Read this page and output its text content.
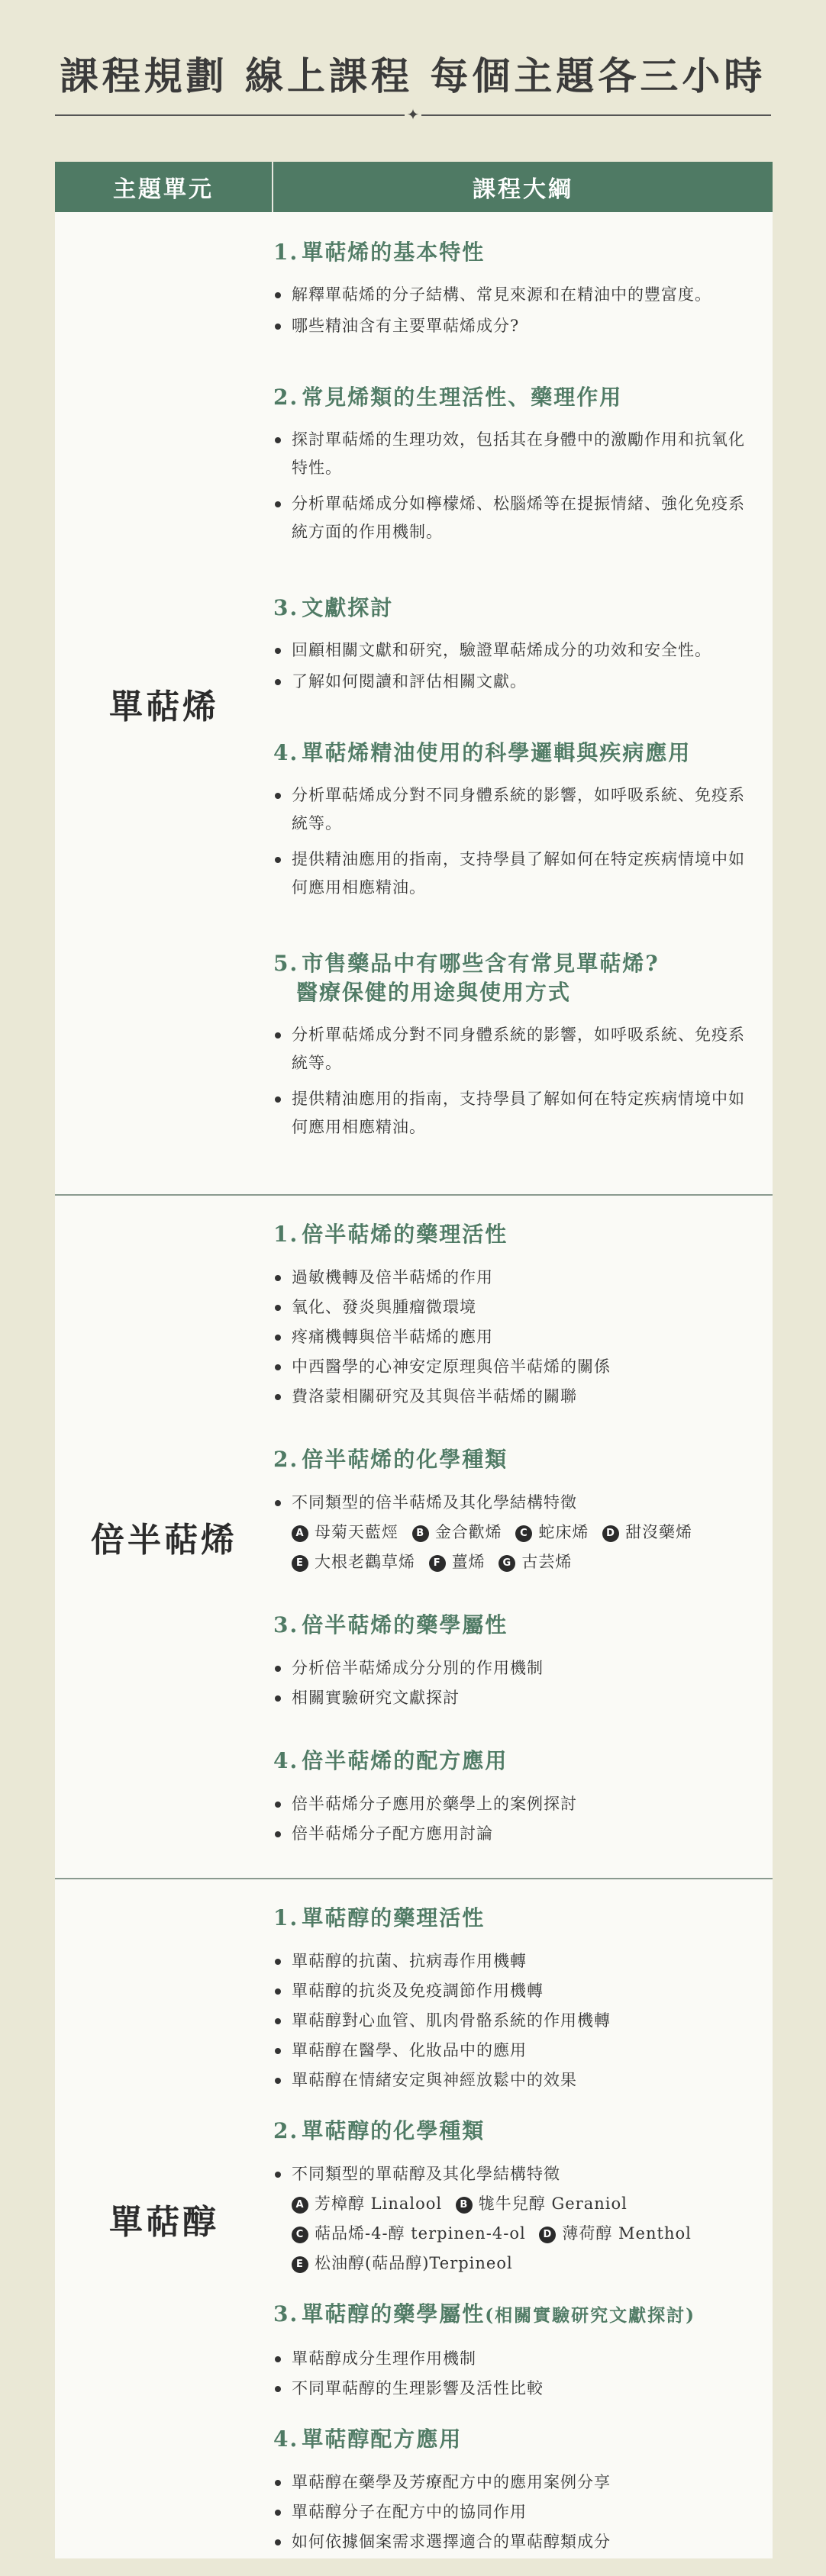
課程規劃 線上課程 每個主題各三小時
✦
主題單元	課程大綱
單萜烯
1. 單萜烯的基本特性
解釋單萜烯的分子結構、常見來源和在精油中的豐富度。
哪些精油含有主要單萜烯成分?
2. 常見烯類的生理活性、藥理作用
探討單萜烯的生理功效，包括其在身體中的激勵作用和抗氧化特性。
分析單萜烯成分如檸檬烯、松腦烯等在提振情緒、強化免疫系統方面的作用機制。
3. 文獻探討
回顧相關文獻和研究，驗證單萜烯成分的功效和安全性。
了解如何閱讀和評估相關文獻。
4. 單萜烯精油使用的科學邏輯與疾病應用
分析單萜烯成分對不同身體系統的影響，如呼吸系統、免疫系統等。
提供精油應用的指南，支持學員了解如何在特定疾病情境中如何應用相應精油。
5. 市售藥品中有哪些含有常見單萜烯?
醫療保健的用途與使用方式
分析單萜烯成分對不同身體系統的影響，如呼吸系統、免疫系統等。
提供精油應用的指南，支持學員了解如何在特定疾病情境中如何應用相應精油。
倍半萜烯
1. 倍半萜烯的藥理活性
過敏機轉及倍半萜烯的作用
氧化、發炎與腫瘤微環境
疼痛機轉與倍半萜烯的應用
中西醫學的心神安定原理與倍半萜烯的關係
費洛蒙相關研究及其與倍半萜烯的關聯
2. 倍半萜烯的化學種類
不同類型的倍半萜烯及其化學結構特徵
A 母菊天藍烴 B 金合歡烯 C 蛇床烯 D 甜沒藥烯
E 大根老鸛草烯 F 薑烯 G 古芸烯
3. 倍半萜烯的藥學屬性
分析倍半萜烯成分分別的作用機制
相關實驗研究文獻探討
4. 倍半萜烯的配方應用
倍半萜烯分子應用於藥學上的案例探討
倍半萜烯分子配方應用討論
單萜醇
1. 單萜醇的藥理活性
單萜醇的抗菌、抗病毒作用機轉
單萜醇的抗炎及免疫調節作用機轉
單萜醇對心血管、肌肉骨骼系統的作用機轉
單萜醇在醫學、化妝品中的應用
單萜醇在情緒安定與神經放鬆中的效果
2. 單萜醇的化學種類
不同類型的單萜醇及其化學結構特徵
A 芳樟醇 Linalool B 牻牛兒醇 Geraniol
C 萜品烯-4-醇 terpinen-4-ol D 薄荷醇 Menthol
E 松油醇(萜品醇)Terpineol
3. 單萜醇的藥學屬性(相關實驗研究文獻探討)
單萜醇成分生理作用機制
不同單萜醇的生理影響及活性比較
4. 單萜醇配方應用
單萜醇在藥學及芳療配方中的應用案例分享
單萜醇分子在配方中的協同作用
如何依據個案需求選擇適合的單萜醇類成分
